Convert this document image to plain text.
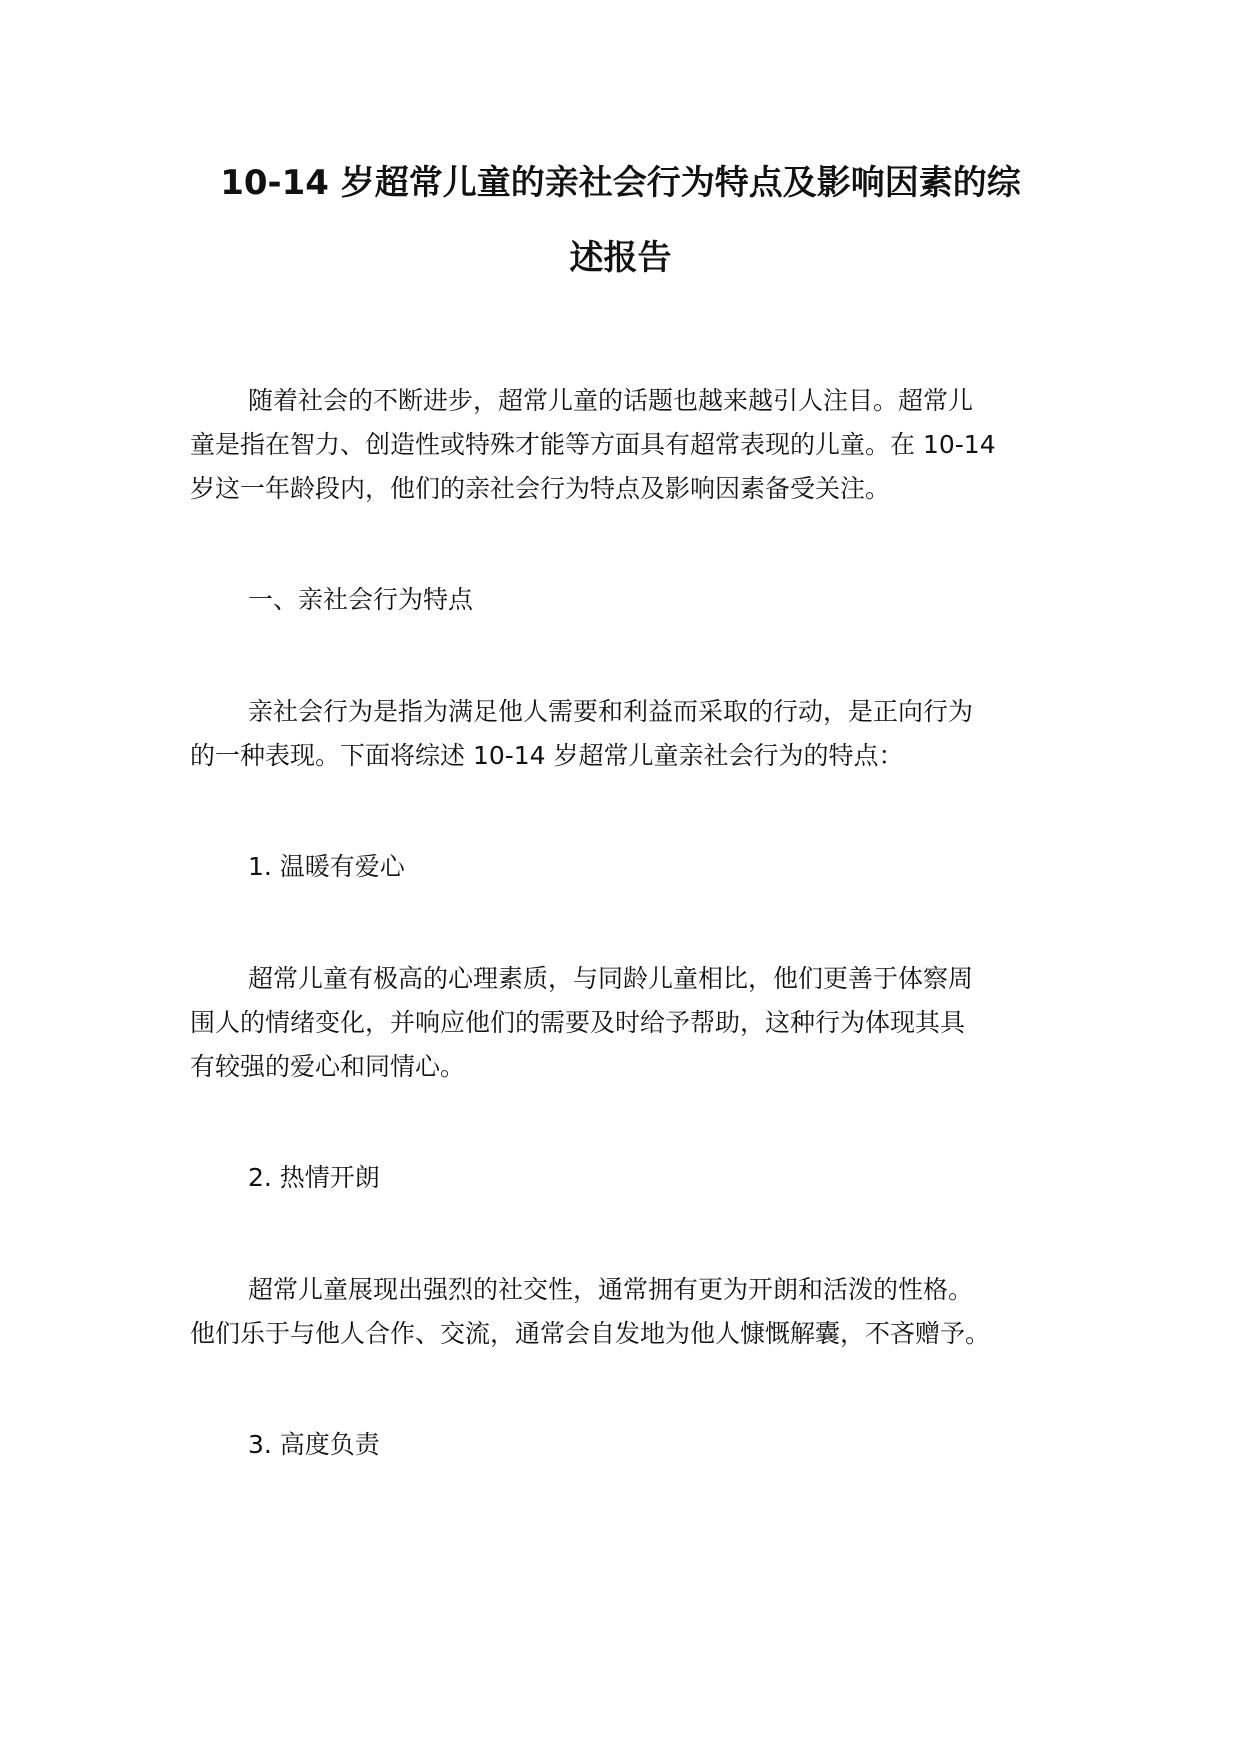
10-14 岁超常儿童的亲社会行为特点及影响因素的综
述报告

随着社会的不断进步，超常儿童的话题也越来越引人注目。超常儿

童是指在智力、创造性或特殊才能等方面具有超常表现的儿童。在 10-14

岁这一年龄段内，他们的亲社会行为特点及影响因素备受关注。

一、亲社会行为特点

亲社会行为是指为满足他人需要和利益而采取的行动，是正向行为

的一种表现。下面将综述 10-14 岁超常儿童亲社会行为的特点：

1. 温暖有爱心

超常儿童有极高的心理素质，与同龄儿童相比，他们更善于体察周

围人的情绪变化，并响应他们的需要及时给予帮助，这种行为体现其具

有较强的爱心和同情心。

2. 热情开朗

超常儿童展现出强烈的社交性，通常拥有更为开朗和活泼的性格。

他们乐于与他人合作、交流，通常会自发地为他人慷慨解囊，不吝赠予。

3. 高度负责
